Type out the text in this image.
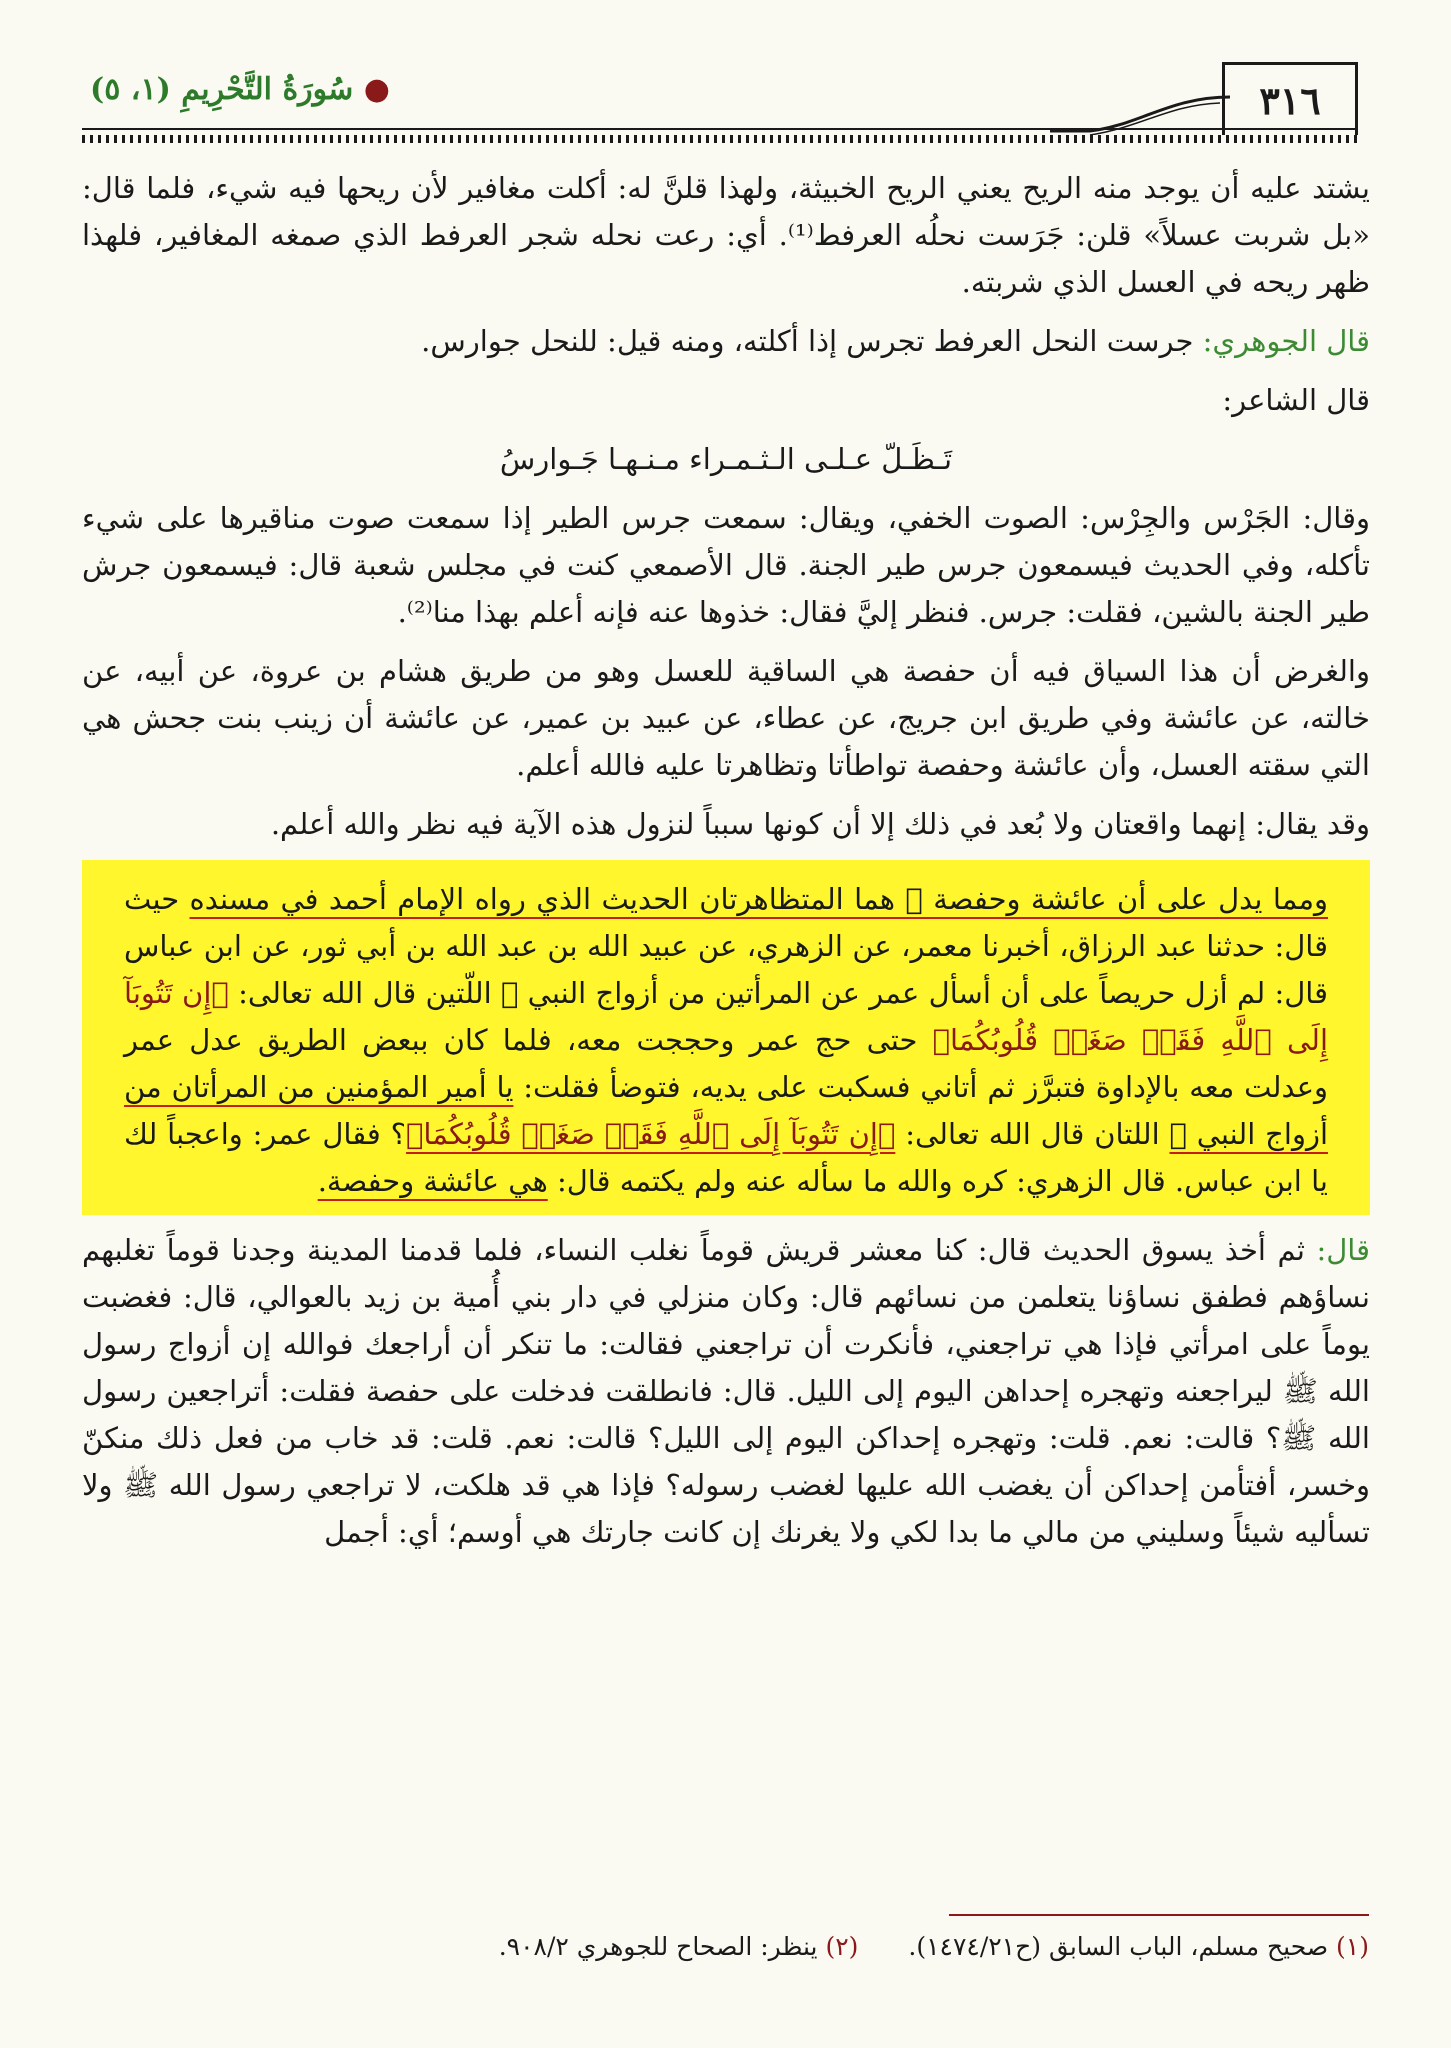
٣١٦
● سُورَةُ التَّحْرِيمِ (١، ٥)

يشتد عليه أن يوجد منه الريح يعني الريح الخبيثة، ولهذا قلنَّ له: أكلت مغافير لأن ريحها فيه شيء، فلما قال: «بل شربت عسلاً» قلن: جَرَست نحلُه العرفط⁽¹⁾. أي: رعت نحله شجر العرفط الذي صمغه المغافير، فلهذا ظهر ريحه في العسل الذي شربته.

قال الجوهري: جرست النحل العرفط تجرس إذا أكلته، ومنه قيل: للنحل جوارس.

قال الشاعر:

تَـظَـلّ عـلـى الـثـمـراء مـنـهـا جَـوارسُ

وقال: الجَرْس والجِرْس: الصوت الخفي، ويقال: سمعت جرس الطير إذا سمعت صوت مناقيرها على شيء تأكله، وفي الحديث فيسمعون جرس طير الجنة. قال الأصمعي كنت في مجلس شعبة قال: فيسمعون جرش طير الجنة بالشين، فقلت: جرس. فنظر إليَّ فقال: خذوها عنه فإنه أعلم بهذا منا⁽²⁾.

والغرض أن هذا السياق فيه أن حفصة هي الساقية للعسل وهو من طريق هشام بن عروة، عن أبيه، عن خالته، عن عائشة وفي طريق ابن جريج، عن عطاء، عن عبيد بن عمير، عن عائشة أن زينب بنت جحش هي التي سقته العسل، وأن عائشة وحفصة تواطأتا وتظاهرتا عليه فالله أعلم.

وقد يقال: إنهما واقعتان ولا بُعد في ذلك إلا أن كونها سبباً لنزول هذه الآية فيه نظر والله أعلم.

ومما يدل على أن عائشة وحفصة ﵄ هما المتظاهرتان الحديث الذي رواه الإمام أحمد في مسنده حيث قال: حدثنا عبد الرزاق، أخبرنا معمر، عن الزهري، عن عبيد الله بن عبد الله بن أبي ثور، عن ابن عباس قال: لم أزل حريصاً على أن أسأل عمر عن المرأتين من أزواج النبي ﷺ اللّتين قال الله تعالى: ﴿إِن تَتُوبَآ إِلَى ٱللَّهِ فَقَدۡ صَغَتۡ قُلُوبُكُمَا﴾ حتى حج عمر وحججت معه، فلما كان ببعض الطريق عدل عمر وعدلت معه بالإداوة فتبرَّز ثم أتاني فسكبت على يديه، فتوضأ فقلت: يا أمير المؤمنين من المرأتان من أزواج النبي ﷺ اللتان قال الله تعالى: ﴿إِن تَتُوبَآ إِلَى ٱللَّهِ فَقَدۡ صَغَتۡ قُلُوبُكُمَا﴾؟ فقال عمر: واعجباً لك يا ابن عباس. قال الزهري: كره والله ما سأله عنه ولم يكتمه قال: هي عائشة وحفصة.

قال: ثم أخذ يسوق الحديث قال: كنا معشر قريش قوماً نغلب النساء، فلما قدمنا المدينة وجدنا قوماً تغلبهم نساؤهم فطفق نساؤنا يتعلمن من نسائهم قال: وكان منزلي في دار بني أُمية بن زيد بالعوالي، قال: فغضبت يوماً على امرأتي فإذا هي تراجعني، فأنكرت أن تراجعني فقالت: ما تنكر أن أراجعك فوالله إن أزواج رسول الله ﷺ ليراجعنه وتهجره إحداهن اليوم إلى الليل. قال: فانطلقت فدخلت على حفصة فقلت: أتراجعين رسول الله ﷺ؟ قالت: نعم. قلت: وتهجره إحداكن اليوم إلى الليل؟ قالت: نعم. قلت: قد خاب من فعل ذلك منكنّ وخسر، أفتأمن إحداكن أن يغضب الله عليها لغضب رسوله؟ فإذا هي قد هلكت، لا تراجعي رسول الله ﷺ ولا تسأليه شيئاً وسليني من مالي ما بدا لكي ولا يغرنك إن كانت جارتك هي أوسم؛ أي: أجمل

(١) صحيح مسلم، الباب السابق (ح١٤٧٤/٢١).
(٢) ينظر: الصحاح للجوهري ٩٠٨/٢.
